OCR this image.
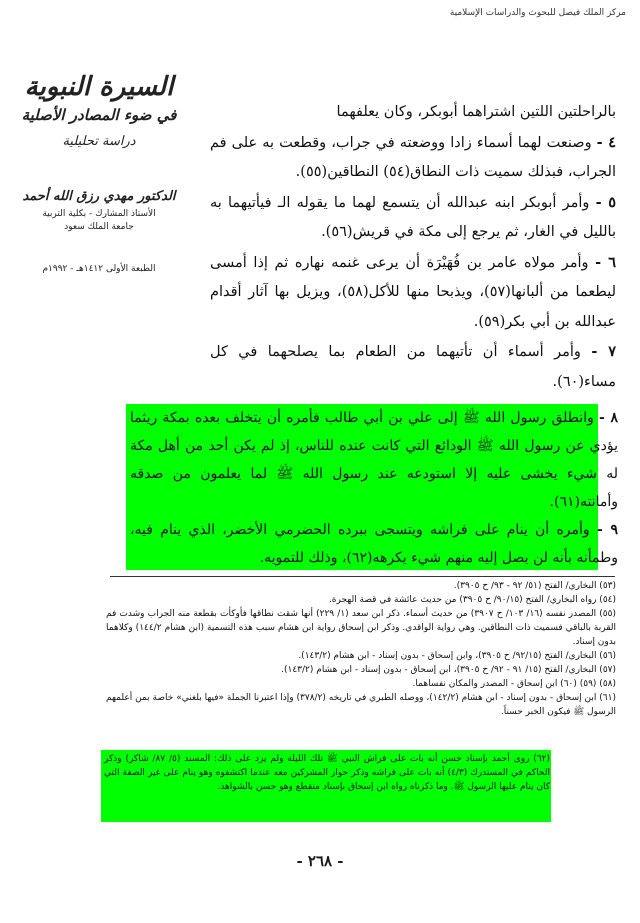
مركز الملك فيصل للبحوث والدراسات الإسلامية
السيرة النبوية
في ضوء المصادر الأصلية
دراسة تحليلية
الدكتور مهدي رزق الله أحمد
الأستاذ المشارك - بكلية التربية
جامعة الملك سعود
الطبعة الأولى ١٤١٢هـ - ١٩٩٢م
بالراحلتين اللتين اشتراهما أبوبكر، وكان يعلفهما
٤ - وصنعت لهما أسماء زادا ووضعته في جراب، وقطعت به على فم الجراب، فبذلك سميت ذات النطاق(٥٤) النطاقين(٥٥).
٥ - وأمر أبوبكر ابنه عبدالله أن يتسمع لهما ما يقوله الـ فيأتيهما به بالليل في الغار، ثم يرجع إلى مكة في قريش(٥٦).
٦ - وأمر مولاه عامر بن فُهَيْرَة أن يرعى غنمه نهاره ثم إذا أمسى ليطعما من ألبانها(٥٧)، ويذبحا منها للأكل(٥٨)، ويزيل بها آثار أقدام عبدالله بن أبي بكر(٥٩).
٧ - وأمر أسماء أن تأتيهما من الطعام بما يصلحهما في كل مساء(٦٠).
٨ - وانطلق رسول الله ﷺ إلى علي بن أبي طالب فأمره أن يتخلف بعده بمكة ريثما يؤدي عن رسول الله ﷺ الودائع التي كانت عنده للناس، إذ لم يكن أحد من أهل مكة له شيء يخشى عليه إلا استودعه عند رسول الله ﷺ لما يعلمون من صدقه وأمانته(٦١).
٩ - وأمره أن ينام على فراشه ويتسجى ببرده الحضرمي الأخضر، الذي ينام فيه، وطمأنه بأنه لن يصل إليه منهم شيء يكرهه(٦٢)، وذلك للتمويه.
(٥٣) البخاري/ الفتح (٥١/ ٩٢ - ٩٣/ ح ٣٩٠٥).
(٥٤) رواه البخاري/ الفتح (٩٠/١٥/ ح ٣٩٠٥) من حديث عائشة في قصة الهجرة.
(٥٥) المصدر نفسه (١٦/ ١٠٣/ ح ٣٩٠٧) من حديث أسماء. ذكر ابن سعد (١/ ٢٢٩) أنها شقت نطاقها فأوكأت بقطعة منه الجراب وشدت فم القربة بالباقي فسميت ذات النطاقين. وهي رواية الواقدي. وذكر ابن إسحاق رواية ابن هشام سبب هذه التسمية (ابن هشام ١٤٤/٢) وكلاهما بدون إسناد.
(٥٦) البخاري/ الفتح (٩٢/١٥/ ح ٣٩٠٥)، وابن إسحاق - بدون إسناد - ابن هشام (١٤٣/٢).
(٥٧) البخاري/ الفتح (١٥/ ٩١ - ٩٢/ ح ٣٩٠٥)، ابن إسحاق - بدون إسناد - ابن هشام (١٤٣/٢).
(٥٨) (٥٩) (٦٠) ابن إسحاق - المصدر والمكان نفساهما.
(٦١) ابن إسحاق - بدون إسناد - ابن هشام (١٤٢/٢)، ووصله الطبري في تاريخه (٣٧٨/٢) وإذا اعتبرنا الجملة «فيها بلغني» خاصة بمن أعلمهم الرسول ﷺ فيكون الخبر حسناً.
(٦٢) روى أحمد بإسناد حسن أنه بات على فراش النبي ﷺ تلك الليلة ولم يزد على ذلك: المسند (٥/ ٨٧/ شاكر) وذكر الحاكم في المستدرك (٤/٣) أنه بات على فراشه وذكر حوار المشركين معه عندما اكتشفوه وهو ينام على غير الصفة التي كان ينام عليها الرسول ﷺ. وما ذكرناه رواه ابن إسحاق بإسناد منقطع وهو حسن بالشواهد.
- ٢٦٨ -
